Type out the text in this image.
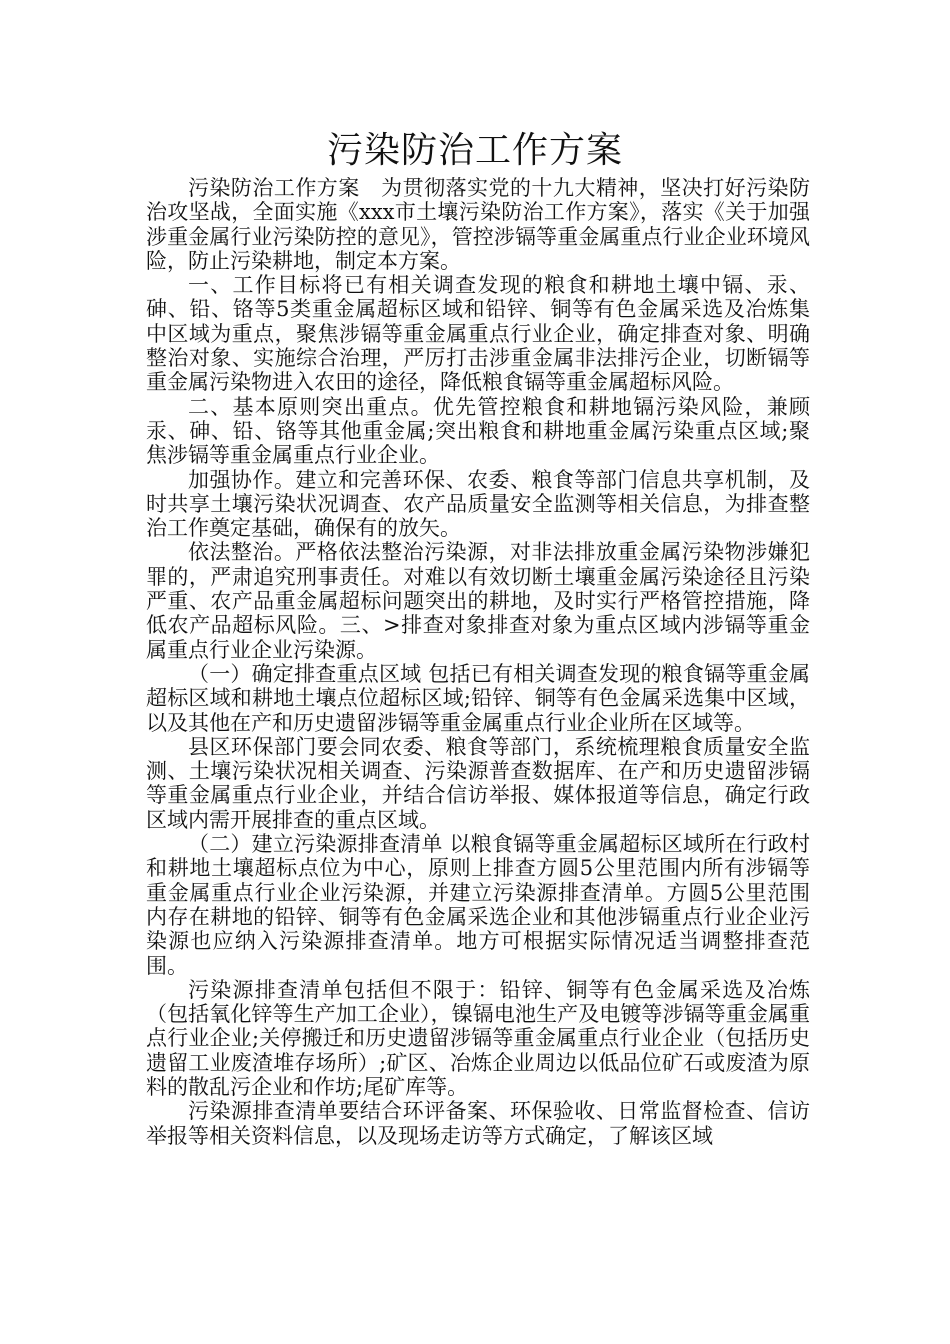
污染防治工作方案

污染防治工作方案　为贯彻落实党的十九大精神，坚决打好污染防治攻坚战，全面实施《xxx市土壤污染防治工作方案》，落实《关于加强涉重金属行业污染防控的意见》，管控涉镉等重金属重点行业企业环境风险，防止污染耕地，制定本方案。

一、工作目标将已有相关调查发现的粮食和耕地土壤中镉、汞、砷、铅、铬等5类重金属超标区域和铅锌、铜等有色金属采选及冶炼集中区域为重点，聚焦涉镉等重金属重点行业企业，确定排查对象、明确整治对象、实施综合治理，严厉打击涉重金属非法排污企业，切断镉等重金属污染物进入农田的途径，降低粮食镉等重金属超标风险。

二、基本原则突出重点。优先管控粮食和耕地镉污染风险，兼顾汞、砷、铅、铬等其他重金属;突出粮食和耕地重金属污染重点区域;聚焦涉镉等重金属重点行业企业。

加强协作。建立和完善环保、农委、粮食等部门信息共享机制，及时共享土壤污染状况调查、农产品质量安全监测等相关信息，为排查整治工作奠定基础，确保有的放矢。

依法整治。严格依法整治污染源，对非法排放重金属污染物涉嫌犯罪的，严肃追究刑事责任。对难以有效切断土壤重金属污染途径且污染严重、农产品重金属超标问题突出的耕地，及时实行严格管控措施，降低农产品超标风险。三、>排查对象排查对象为重点区域内涉镉等重金属重点行业企业污染源。

（一）确定排查重点区域 包括已有相关调查发现的粮食镉等重金属超标区域和耕地土壤点位超标区域;铅锌、铜等有色金属采选集中区域，以及其他在产和历史遗留涉镉等重金属重点行业企业所在区域等。

县区环保部门要会同农委、粮食等部门，系统梳理粮食质量安全监测、土壤污染状况相关调查、污染源普查数据库、在产和历史遗留涉镉等重金属重点行业企业，并结合信访举报、媒体报道等信息，确定行政区域内需开展排查的重点区域。

（二）建立污染源排查清单 以粮食镉等重金属超标区域所在行政村和耕地土壤超标点位为中心，原则上排查方圆5公里范围内所有涉镉等重金属重点行业企业污染源，并建立污染源排查清单。方圆5公里范围内存在耕地的铅锌、铜等有色金属采选企业和其他涉镉重点行业企业污染源也应纳入污染源排查清单。地方可根据实际情况适当调整排查范围。

污染源排查清单包括但不限于：铅锌、铜等有色金属采选及冶炼（包括氧化锌等生产加工企业），镍镉电池生产及电镀等涉镉等重金属重点行业企业;关停搬迁和历史遗留涉镉等重金属重点行业企业（包括历史遗留工业废渣堆存场所）;矿区、冶炼企业周边以低品位矿石或废渣为原料的散乱污企业和作坊;尾矿库等。

污染源排查清单要结合环评备案、环保验收、日常监督检查、信访举报等相关资料信息，以及现场走访等方式确定，了解该区域
